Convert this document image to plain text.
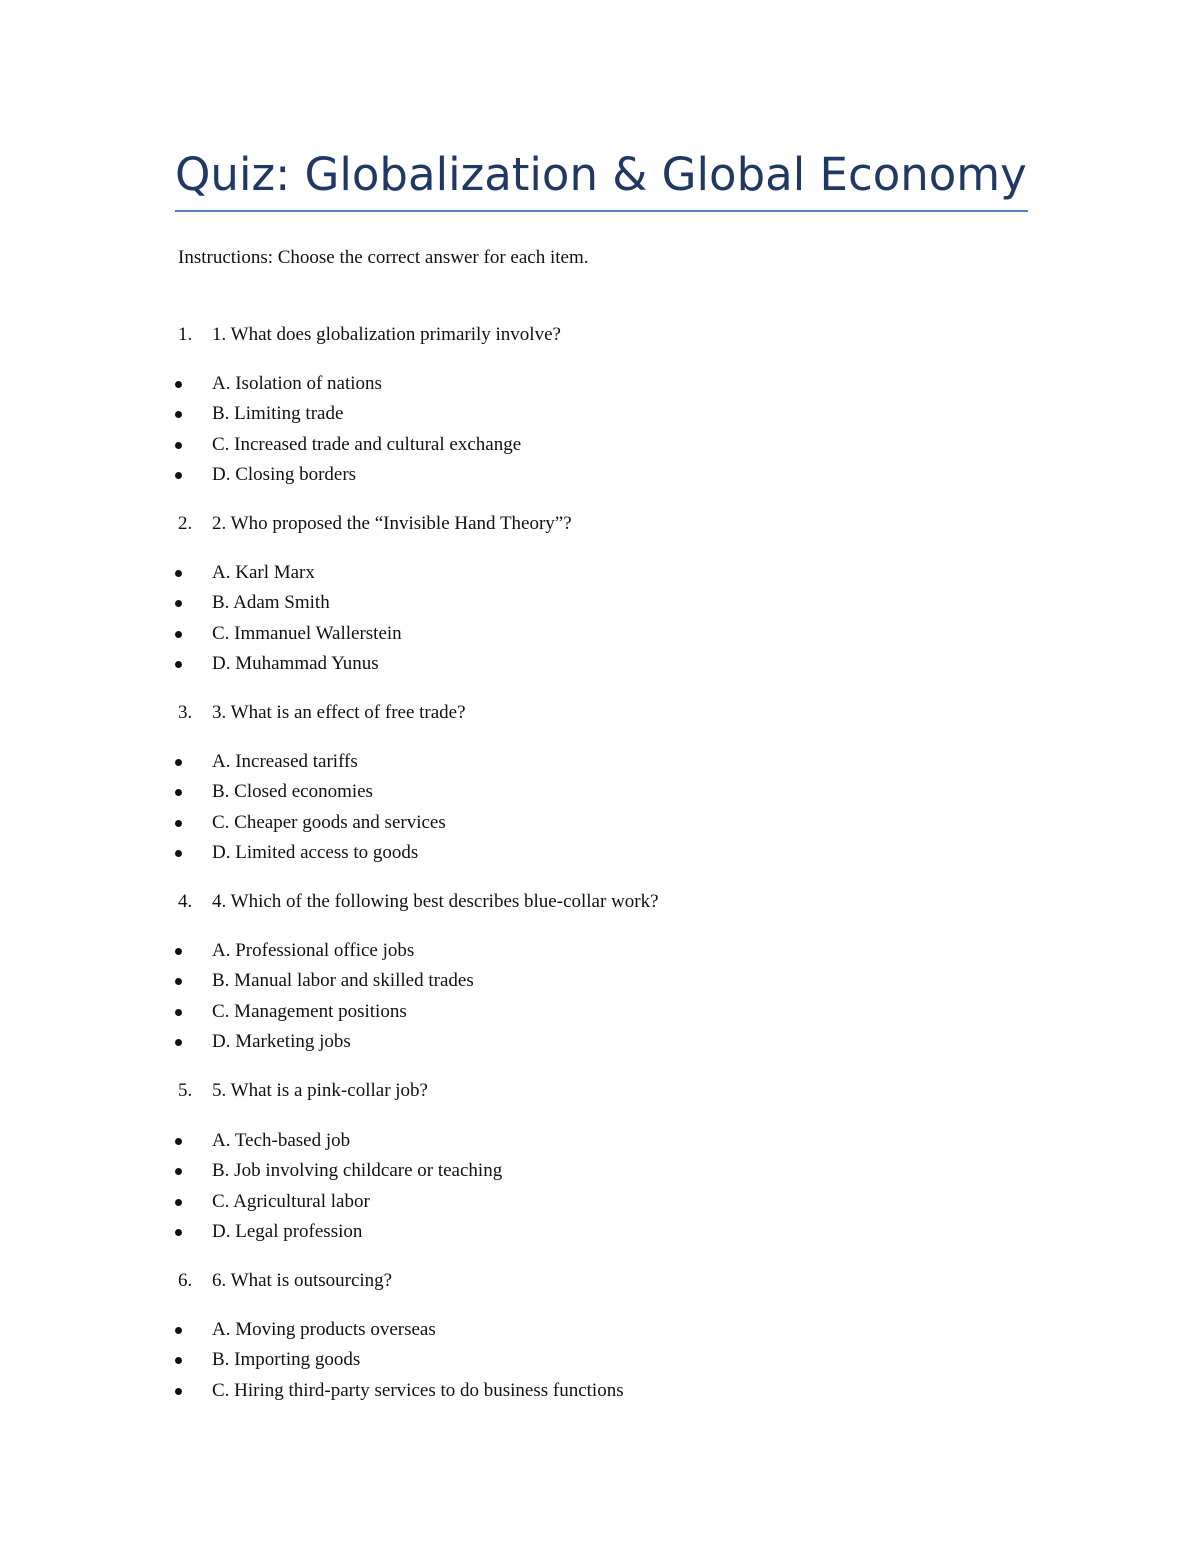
Quiz: Globalization & Global Economy

Instructions: Choose the correct answer for each item.

1. 1. What does globalization primarily involve?

A. Isolation of nations
B. Limiting trade
C. Increased trade and cultural exchange
D. Closing borders

2. 2. Who proposed the “Invisible Hand Theory”?

A. Karl Marx
B. Adam Smith
C. Immanuel Wallerstein
D. Muhammad Yunus

3. 3. What is an effect of free trade?

A. Increased tariffs
B. Closed economies
C. Cheaper goods and services
D. Limited access to goods

4. 4. Which of the following best describes blue-collar work?

A. Professional office jobs
B. Manual labor and skilled trades
C. Management positions
D. Marketing jobs

5. 5. What is a pink-collar job?

A. Tech-based job
B. Job involving childcare or teaching
C. Agricultural labor
D. Legal profession

6. 6. What is outsourcing?

A. Moving products overseas
B. Importing goods
C. Hiring third-party services to do business functions
